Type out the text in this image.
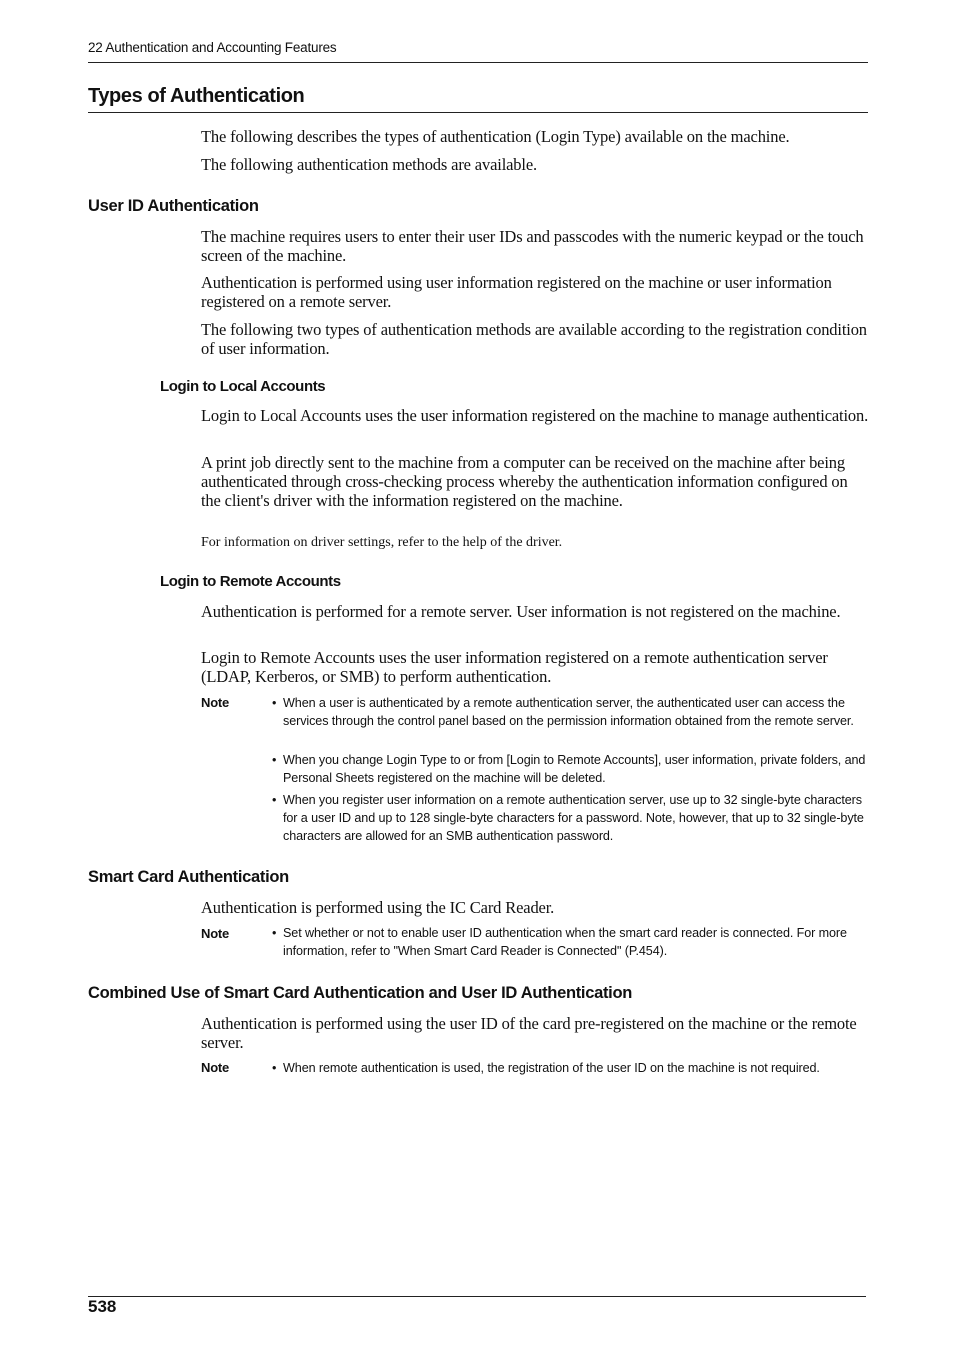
22 Authentication and Accounting Features
Types of Authentication
The following describes the types of authentication (Login Type) available on the machine.
The following authentication methods are available.
User ID Authentication
The machine requires users to enter their user IDs and passcodes with the numeric keypad or the touch screen of the machine.
Authentication is performed using user information registered on the machine or user information registered on a remote server.
The following two types of authentication methods are available according to the registration condition of user information.
Login to Local Accounts
Login to Local Accounts uses the user information registered on the machine to manage authentication.
A print job directly sent to the machine from a computer can be received on the machine after being authenticated through cross-checking process whereby the authentication information configured on the client's driver with the information registered on the machine.
For information on driver settings, refer to the help of the driver.
Login to Remote Accounts
Authentication is performed for a remote server. User information is not registered on the machine.
Login to Remote Accounts uses the user information registered on a remote authentication server (LDAP, Kerberos, or SMB) to perform authentication.
Note	• When a user is authenticated by a remote authentication server, the authenticated user can access the services through the control panel based on the permission information obtained from the remote server.
• When you change Login Type to or from [Login to Remote Accounts], user information, private folders, and Personal Sheets registered on the machine will be deleted.
• When you register user information on a remote authentication server, use up to 32 single-byte characters for a user ID and up to 128 single-byte characters for a password. Note, however, that up to 32 single-byte characters are allowed for an SMB authentication password.
Smart Card Authentication
Authentication is performed using the IC Card Reader.
Note	• Set whether or not to enable user ID authentication when the smart card reader is connected. For more information, refer to "When Smart Card Reader is Connected" (P.454).
Combined Use of Smart Card Authentication and User ID Authentication
Authentication is performed using the user ID of the card pre-registered on the machine or the remote server.
Note	• When remote authentication is used, the registration of the user ID on the machine is not required.
538
